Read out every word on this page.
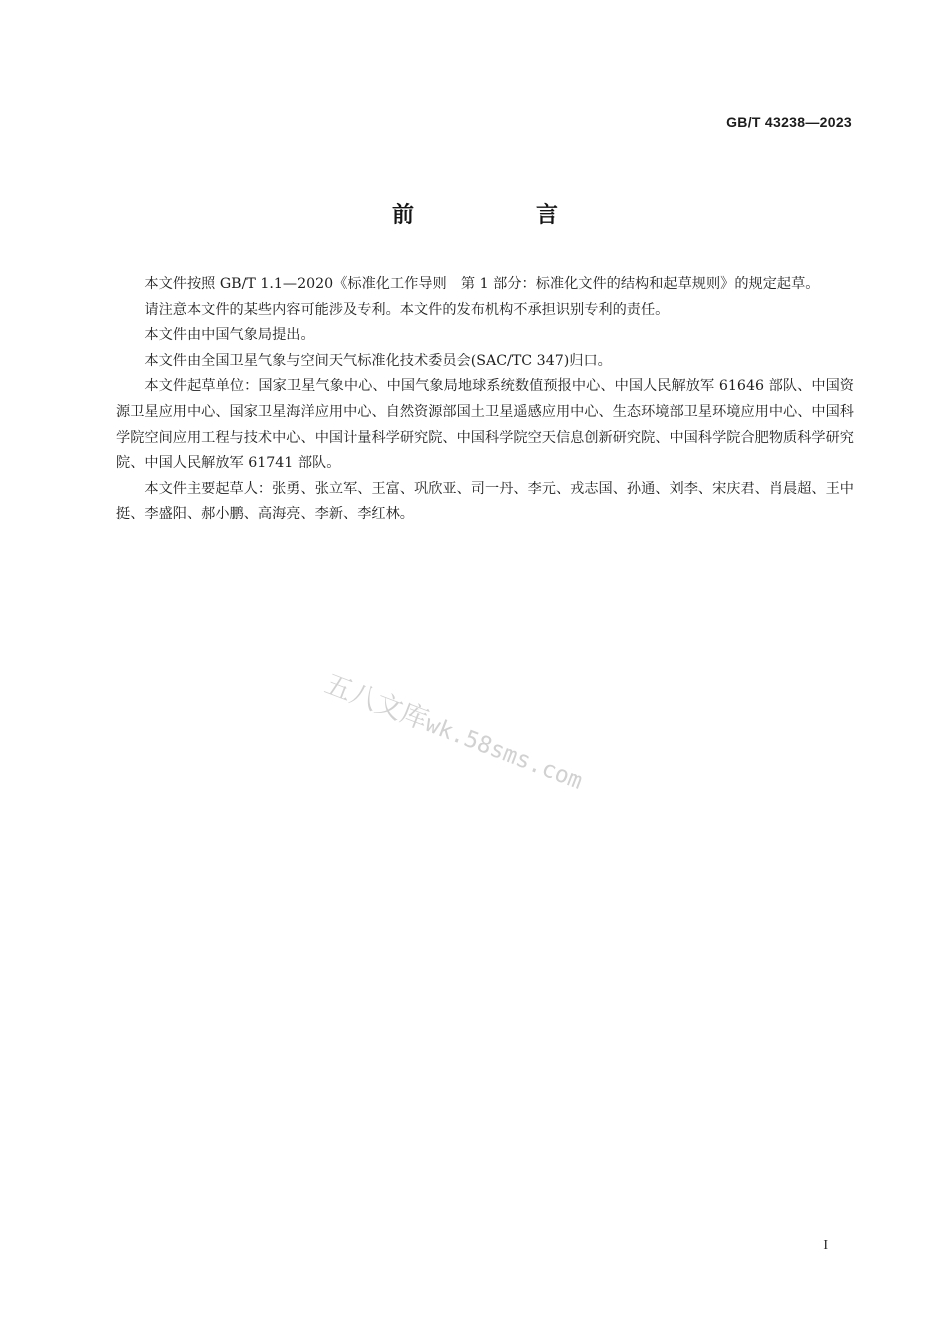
GB/T 43238—2023
前　言

本文件按照 GB/T 1.1—2020《标准化工作导则　第 1 部分：标准化文件的结构和起草规则》的规定起草。

请注意本文件的某些内容可能涉及专利。本文件的发布机构不承担识别专利的责任。

本文件由中国气象局提出。

本文件由全国卫星气象与空间天气标准化技术委员会(SAC/TC 347)归口。

本文件起草单位：国家卫星气象中心、中国气象局地球系统数值预报中心、中国人民解放军 61646 部队、中国资源卫星应用中心、国家卫星海洋应用中心、自然资源部国土卫星遥感应用中心、生态环境部卫星环境应用中心、中国科学院空间应用工程与技术中心、中国计量科学研究院、中国科学院空天信息创新研究院、中国科学院合肥物质科学研究院、中国人民解放军 61741 部队。

本文件主要起草人：张勇、张立军、王富、巩欣亚、司一丹、李元、戎志国、孙通、刘李、宋庆君、肖晨超、王中挺、李盛阳、郝小鹏、高海亮、李新、李红林。

五八文库wk.58sms.com
I
